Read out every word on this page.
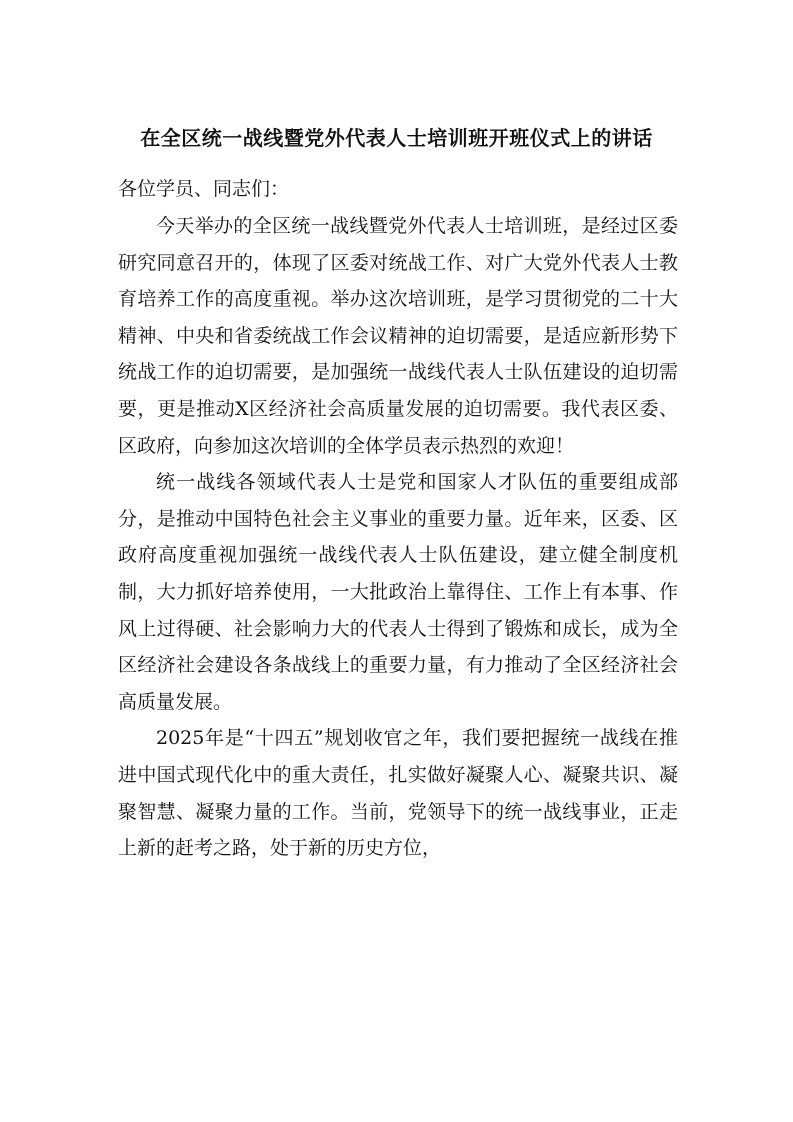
在全区统一战线暨党外代表人士培训班开班仪式上的讲话
各位学员、同志们：

今天举办的全区统一战线暨党外代表人士培训班，是经过区委研究同意召开的，体现了区委对统战工作、对广大党外代表人士教育培养工作的高度重视。举办这次培训班，是学习贯彻党的二十大精神、中央和省委统战工作会议精神的迫切需要，是适应新形势下统战工作的迫切需要，是加强统一战线代表人士队伍建设的迫切需要，更是推动X区经济社会高质量发展的迫切需要。我代表区委、区政府，向参加这次培训的全体学员表示热烈的欢迎！

统一战线各领域代表人士是党和国家人才队伍的重要组成部分，是推动中国特色社会主义事业的重要力量。近年来，区委、区政府高度重视加强统一战线代表人士队伍建设，建立健全制度机制，大力抓好培养使用，一大批政治上靠得住、工作上有本事、作风上过得硬、社会影响力大的代表人士得到了锻炼和成长，成为全区经济社会建设各条战线上的重要力量，有力推动了全区经济社会高质量发展。

2025年是“十四五”规划收官之年，我们要把握统一战线在推进中国式现代化中的重大责任，扎实做好凝聚人心、凝聚共识、凝聚智慧、凝聚力量的工作。当前，党领导下的统一战线事业，正走上新的赶考之路，处于新的历史方位，
